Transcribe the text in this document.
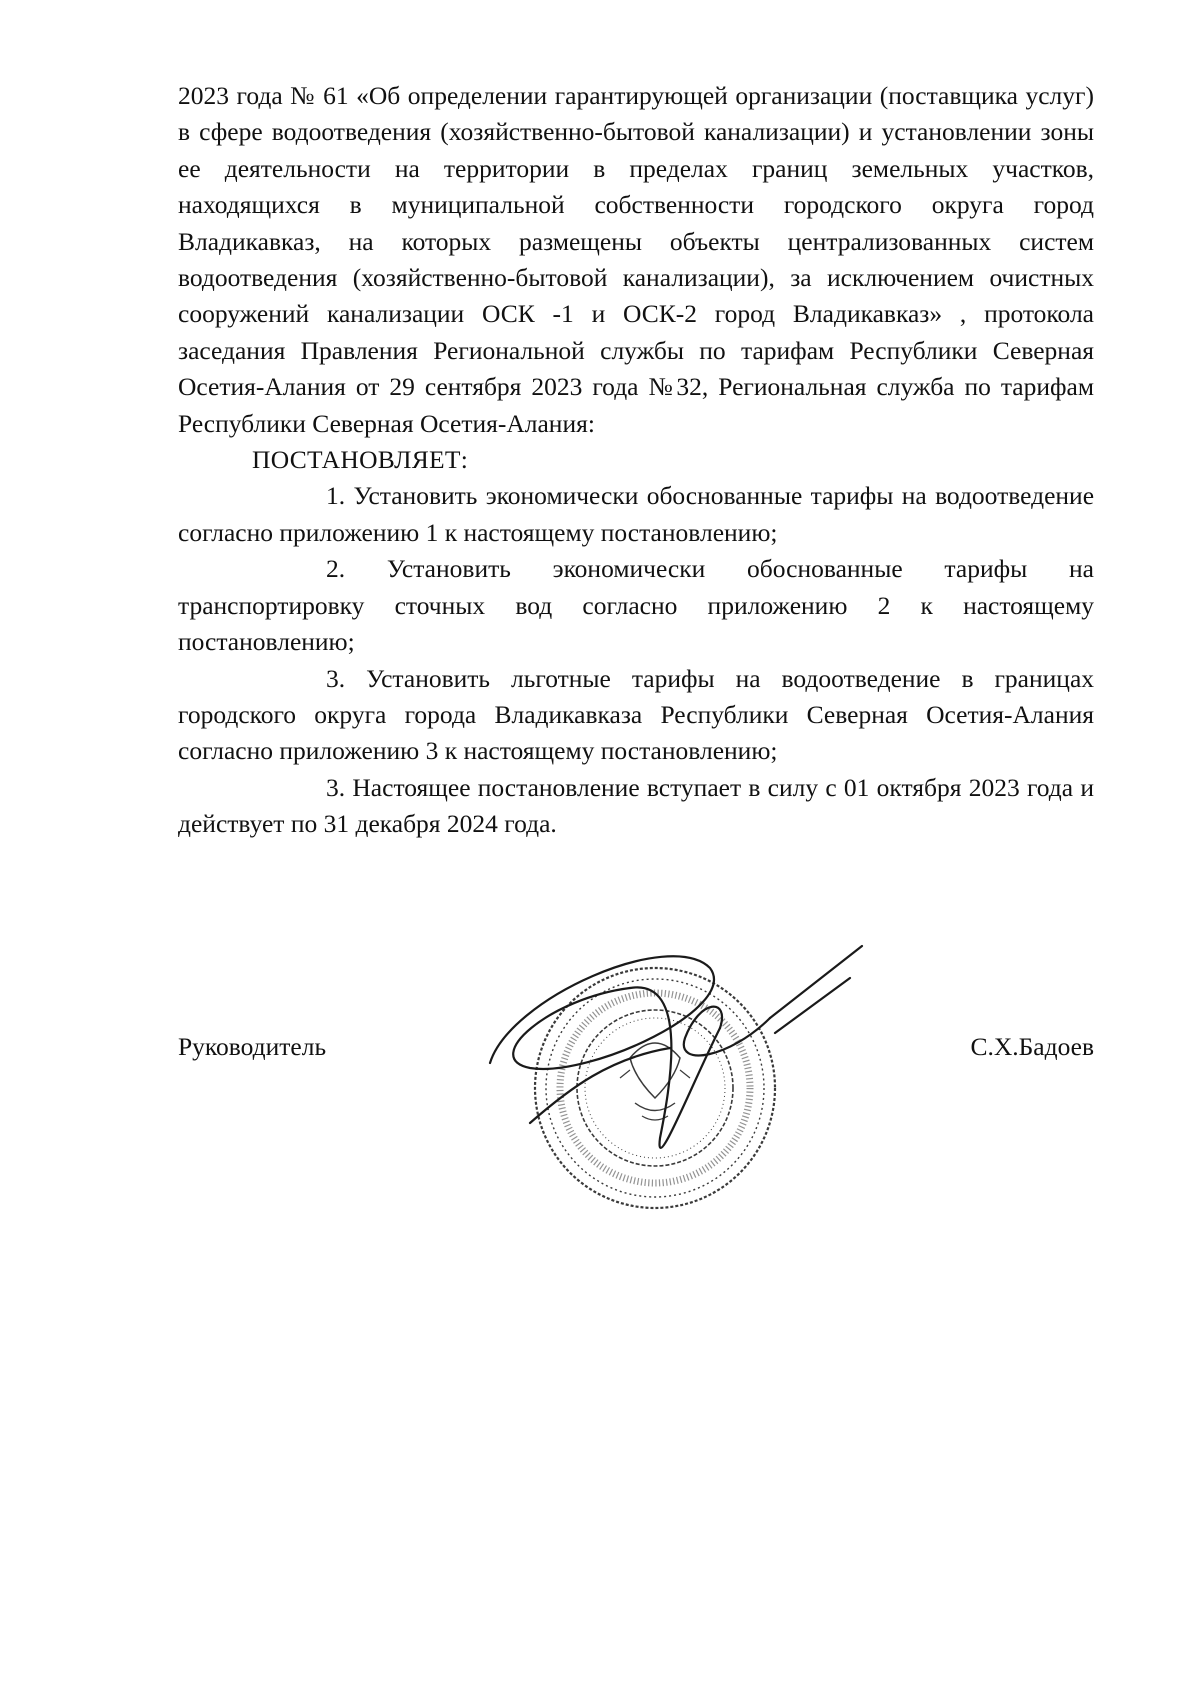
2023 года № 61 «Об определении гарантирующей организации (поставщика услуг) в сфере водоотведения (хозяйственно-бытовой канализации) и установлении зоны ее деятельности на территории в пределах границ земельных участков, находящихся в муниципальной собственности городского округа город Владикавказ, на которых размещены объекты централизованных систем водоотведения (хозяйственно-бытовой канализации), за исключением очистных сооружений канализации ОСК -1 и ОСК-2 город Владикавказ» , протокола заседания Правления Региональной службы по тарифам Республики Северная Осетия-Алания от 29 сентября 2023 года №32, Региональная служба по тарифам Республики Северная Осетия-Алания:

ПОСТАНОВЛЯЕТ:

1. Установить экономически обоснованные тарифы на водоотведение согласно приложению 1 к настоящему постановлению;

2. Установить экономически обоснованные тарифы на транспортировку сточных вод согласно приложению 2 к настоящему постановлению;

3. Установить льготные тарифы на водоотведение в границах городского округа города Владикавказа Республики Северная Осетия-Алания согласно приложению 3 к настоящему постановлению;

3. Настоящее постановление вступает в силу с 01 октября 2023 года и действует по 31 декабря 2024 года.

Руководитель	С.Х.Бадоев
